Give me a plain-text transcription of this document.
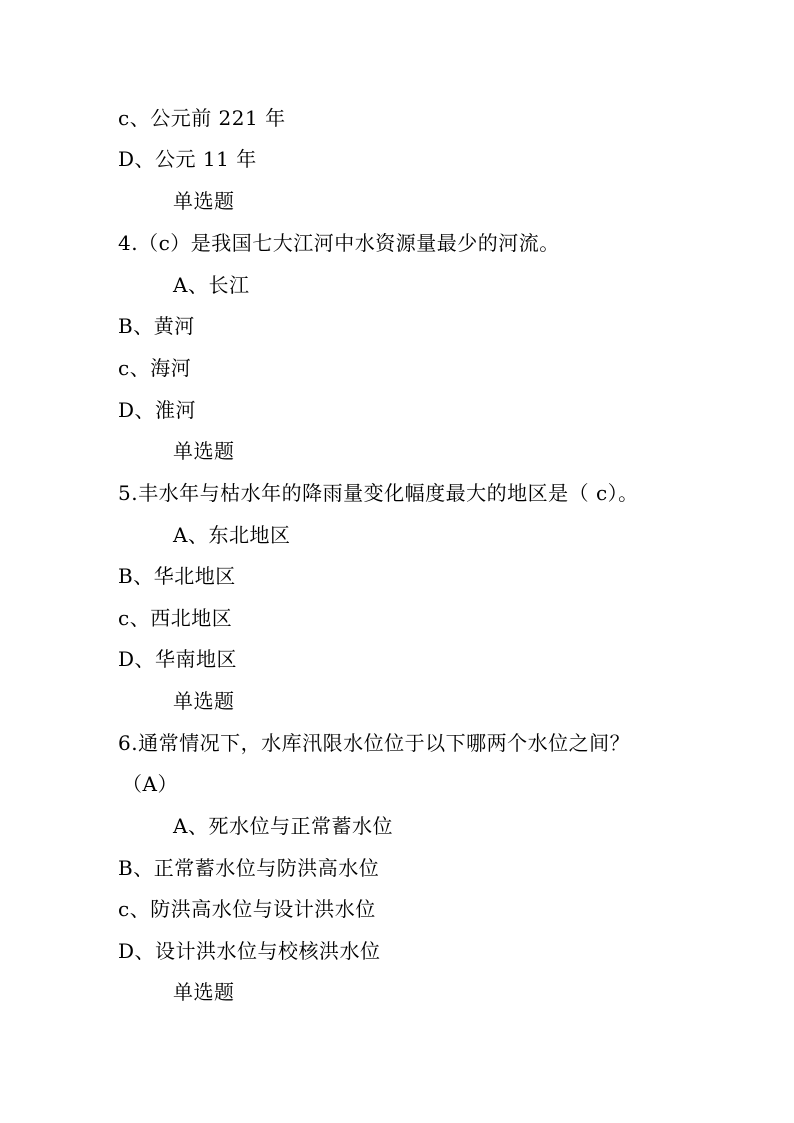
c、公元前 221 年
D、公元 11 年
单选题
4.（c）是我国七大江河中水资源量最少的河流。
A、长江
B、黄河
c、海河
D、淮河
单选题
5.丰水年与枯水年的降雨量变化幅度最大的地区是（ c）。
A、东北地区
B、华北地区
c、西北地区
D、华南地区
单选题
6.通常情况下，水库汛限水位位于以下哪两个水位之间？
（A）
A、死水位与正常蓄水位
B、正常蓄水位与防洪高水位
c、防洪高水位与设计洪水位
D、设计洪水位与校核洪水位
单选题
